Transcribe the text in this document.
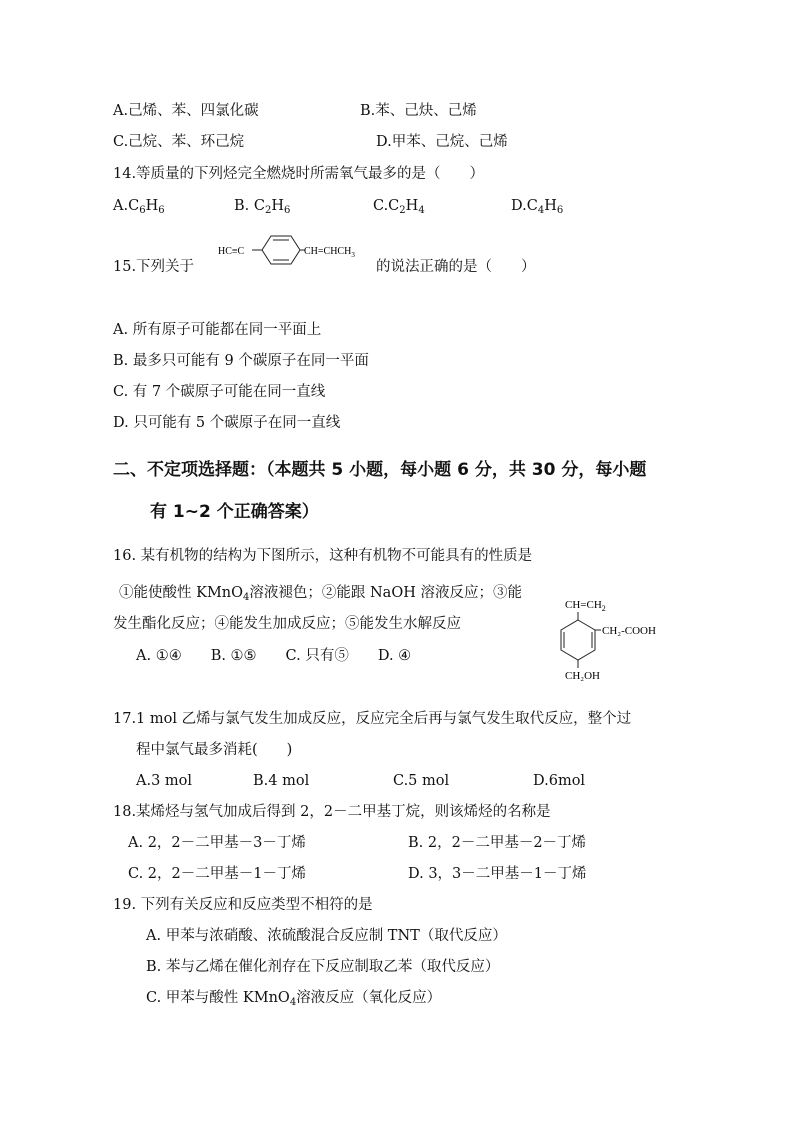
A.己烯、苯、四氯化碳	B.苯、己炔、己烯
C.己烷、苯、环己烷	D.甲苯、己烷、己烯
14.等质量的下列烃完全燃烧时所需氧气最多的是（　　）
$A.C_6H_6$	B. $C_2H_6$	$C.C_2H_4$	$D.C_4H_6$
15.下列关于
HC≡C	$CH=CHCH_3$
的说法正确的是（　　）
A. 所有原子可能都在同一平面上
B. 最多只可能有 9 个碳原子在同一平面
C. 有 7 个碳原子可能在同一直线
D. 只可能有 5 个碳原子在同一直线
二、不定项选择题：（本题共 5 小题，每小题 6 分，共 30 分，每小题
有 1~2 个正确答案）
16. 某有机物的结构为下图所示，这种有机物不可能具有的性质是
①能使酸性 KMnO$_4$溶液褪色；②能跟 NaOH 溶液反应；③能
发生酯化反应；④能发生加成反应；⑤能发生水解反应
A. ①④　　B. ①⑤　　C. 只有⑤　　D. ④
$CH=CH_2$
CH₂-COOH
CH₂OH
17.1 mol 乙烯与氯气发生加成反应，反应完全后再与氯气发生取代反应，整个过
程中氯气最多消耗(　　)
A.3 mol	B.4 mol	C.5 mol	D.6mol
18.某烯烃与氢气加成后得到 2，2－二甲基丁烷，则该烯烃的名称是
A. 2，2－二甲基－3－丁烯	B. 2，2－二甲基－2－丁烯
C. 2，2－二甲基－1－丁烯	D. 3，3－二甲基－1－丁烯
19. 下列有关反应和反应类型不相符的是
A. 甲苯与浓硝酸、浓硫酸混合反应制 TNT（取代反应）
B. 苯与乙烯在催化剂存在下反应制取乙苯（取代反应）
C. 甲苯与酸性 KMnO$_4$溶液反应（氧化反应）
